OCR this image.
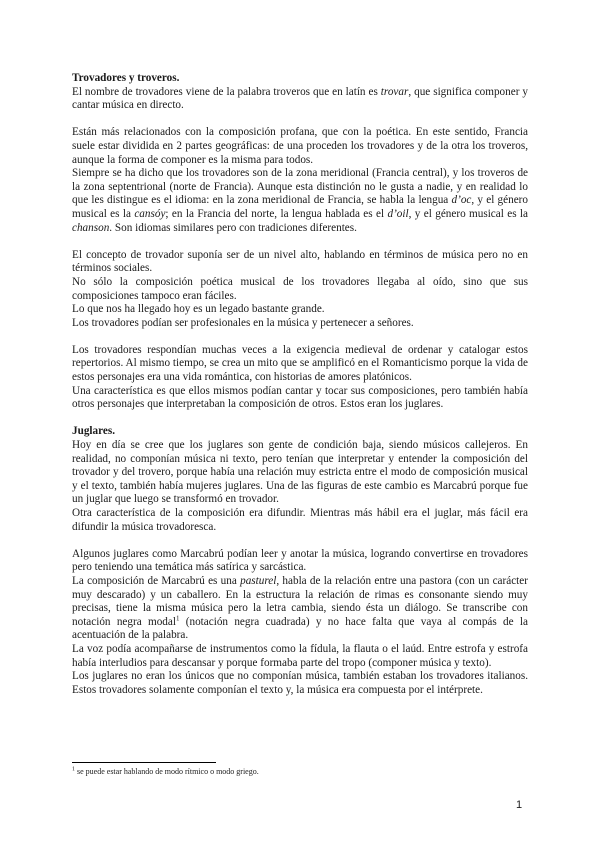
Trovadores y troveros.

El nombre de trovadores viene de la palabra troveros que en latín es trovar, que significa componer y cantar música en directo.

Están más relacionados con la composición profana, que con la poética. En este sentido, Francia suele estar dividida en 2 partes geográficas: de una proceden los trovadores y de la otra los troveros, aunque la forma de componer es la misma para todos.

Siempre se ha dicho que los trovadores son de la zona meridional (Francia central), y los troveros de la zona septentrional (norte de Francia). Aunque esta distinción no le gusta a nadie, y en realidad lo que les distingue es el idioma: en la zona meridional de Francia, se habla la lengua d’oc, y el género musical es la cansóy; en la Francia del norte, la lengua hablada es el d’oil, y el género musical es la chanson. Son idiomas similares pero con tradiciones diferentes.

El concepto de trovador suponía ser de un nivel alto, hablando en términos de música pero no en términos sociales.

No sólo la composición poética musical de los trovadores llegaba al oído, sino que sus composiciones tampoco eran fáciles.

Lo que nos ha llegado hoy es un legado bastante grande.

Los trovadores podían ser profesionales en la música y pertenecer a señores.

Los trovadores respondían muchas veces a la exigencia medieval de ordenar y catalogar estos repertorios. Al mismo tiempo, se crea un mito que se amplificó en el Romanticismo porque la vida de estos personajes era una vida romántica, con historias de amores platónicos.

Una característica es que ellos mismos podían cantar y tocar sus composiciones, pero también había otros personajes que interpretaban la composición de otros. Estos eran los juglares.

Juglares.

Hoy en día se cree que los juglares son gente de condición baja, siendo músicos callejeros. En realidad, no componían música ni texto, pero tenían que interpretar y entender la composición del trovador y del trovero, porque había una relación muy estricta entre el modo de composición musical y el texto, también había mujeres juglares. Una de las figuras de este cambio es Marcabrú porque fue un juglar que luego se transformó en trovador.

Otra característica de la composición era difundir. Mientras más hábil era el juglar, más fácil era difundir la música trovadoresca.

Algunos juglares como Marcabrú podían leer y anotar la música, logrando convertirse en trovadores pero teniendo una temática más satírica y sarcástica.

La composición de Marcabrú es una pasturel, habla de la relación entre una pastora (con un carácter muy descarado) y un caballero. En la estructura la relación de rimas es consonante siendo muy precisas, tiene la misma música pero la letra cambia, siendo ésta un diálogo. Se transcribe con notación negra modal$^1$ (notación negra cuadrada) y no hace falta que vaya al compás de la acentuación de la palabra.

La voz podía acompañarse de instrumentos como la fídula, la flauta o el laúd. Entre estrofa y estrofa había interludios para descansar y porque formaba parte del tropo (componer música y texto).

Los juglares no eran los únicos que no componían música, también estaban los trovadores italianos. Estos trovadores solamente componían el texto y, la música era compuesta por el intérprete.

$^1$ se puede estar hablando de modo rítmico o modo griego.

1
